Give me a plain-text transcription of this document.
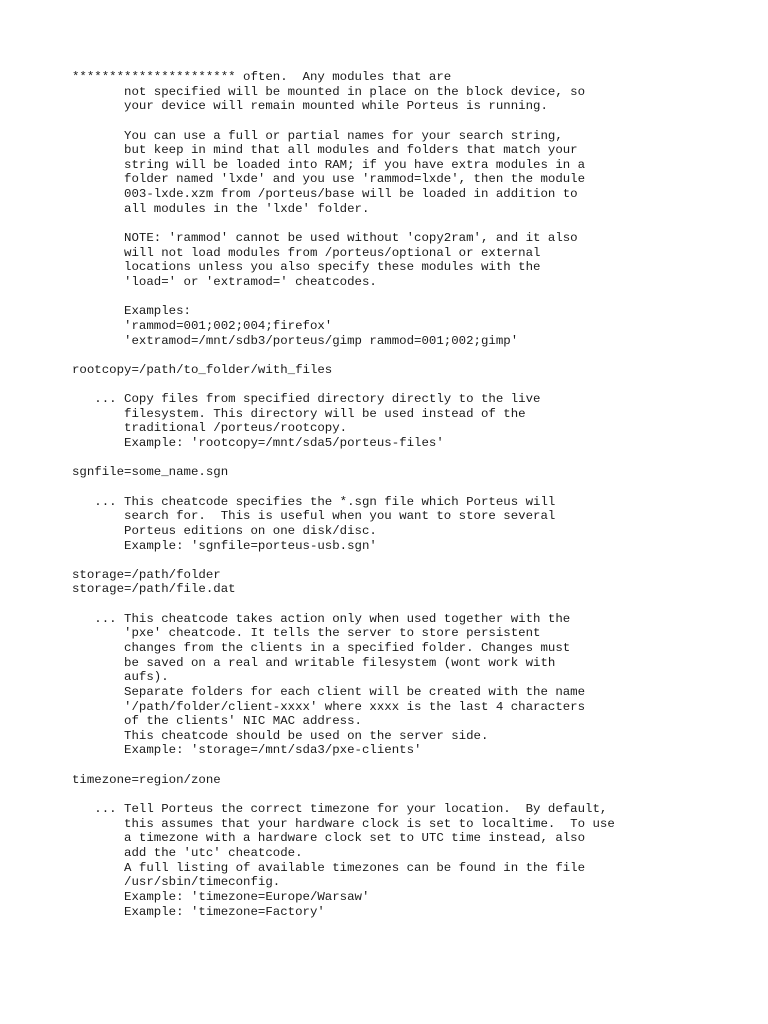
********************** often.  Any modules that are
not specified will be mounted in place on the block device, so
your device will remain mounted while Porteus is running.
You can use a full or partial names for your search string,
but keep in mind that all modules and folders that match your
string will be loaded into RAM; if you have extra modules in a
folder named 'lxde' and you use 'rammod=lxde', then the module
003-lxde.xzm from /porteus/base will be loaded in addition to
all modules in the 'lxde' folder.
NOTE: 'rammod' cannot be used without 'copy2ram', and it also
will not load modules from /porteus/optional or external
locations unless you also specify these modules with the
'load=' or 'extramod=' cheatcodes.
Examples:
'rammod=001;002;004;firefox'
'extramod=/mnt/sdb3/porteus/gimp rammod=001;002;gimp'
rootcopy=/path/to_folder/with_files
... Copy files from specified directory directly to the live
filesystem. This directory will be used instead of the
traditional /porteus/rootcopy.
Example: 'rootcopy=/mnt/sda5/porteus-files'
sgnfile=some_name.sgn
... This cheatcode specifies the *.sgn file which Porteus will
search for.  This is useful when you want to store several
Porteus editions on one disk/disc.
Example: 'sgnfile=porteus-usb.sgn'
storage=/path/folder
storage=/path/file.dat
... This cheatcode takes action only when used together with the
'pxe' cheatcode. It tells the server to store persistent
changes from the clients in a specified folder. Changes must
be saved on a real and writable filesystem (wont work with
aufs).
Separate folders for each client will be created with the name
'/path/folder/client-xxxx' where xxxx is the last 4 characters
of the clients' NIC MAC address.
This cheatcode should be used on the server side.
Example: 'storage=/mnt/sda3/pxe-clients'
timezone=region/zone
... Tell Porteus the correct timezone for your location.  By default,
this assumes that your hardware clock is set to localtime.  To use
a timezone with a hardware clock set to UTC time instead, also
add the 'utc' cheatcode.
A full listing of available timezones can be found in the file
/usr/sbin/timeconfig.
Example: 'timezone=Europe/Warsaw'
Example: 'timezone=Factory'
